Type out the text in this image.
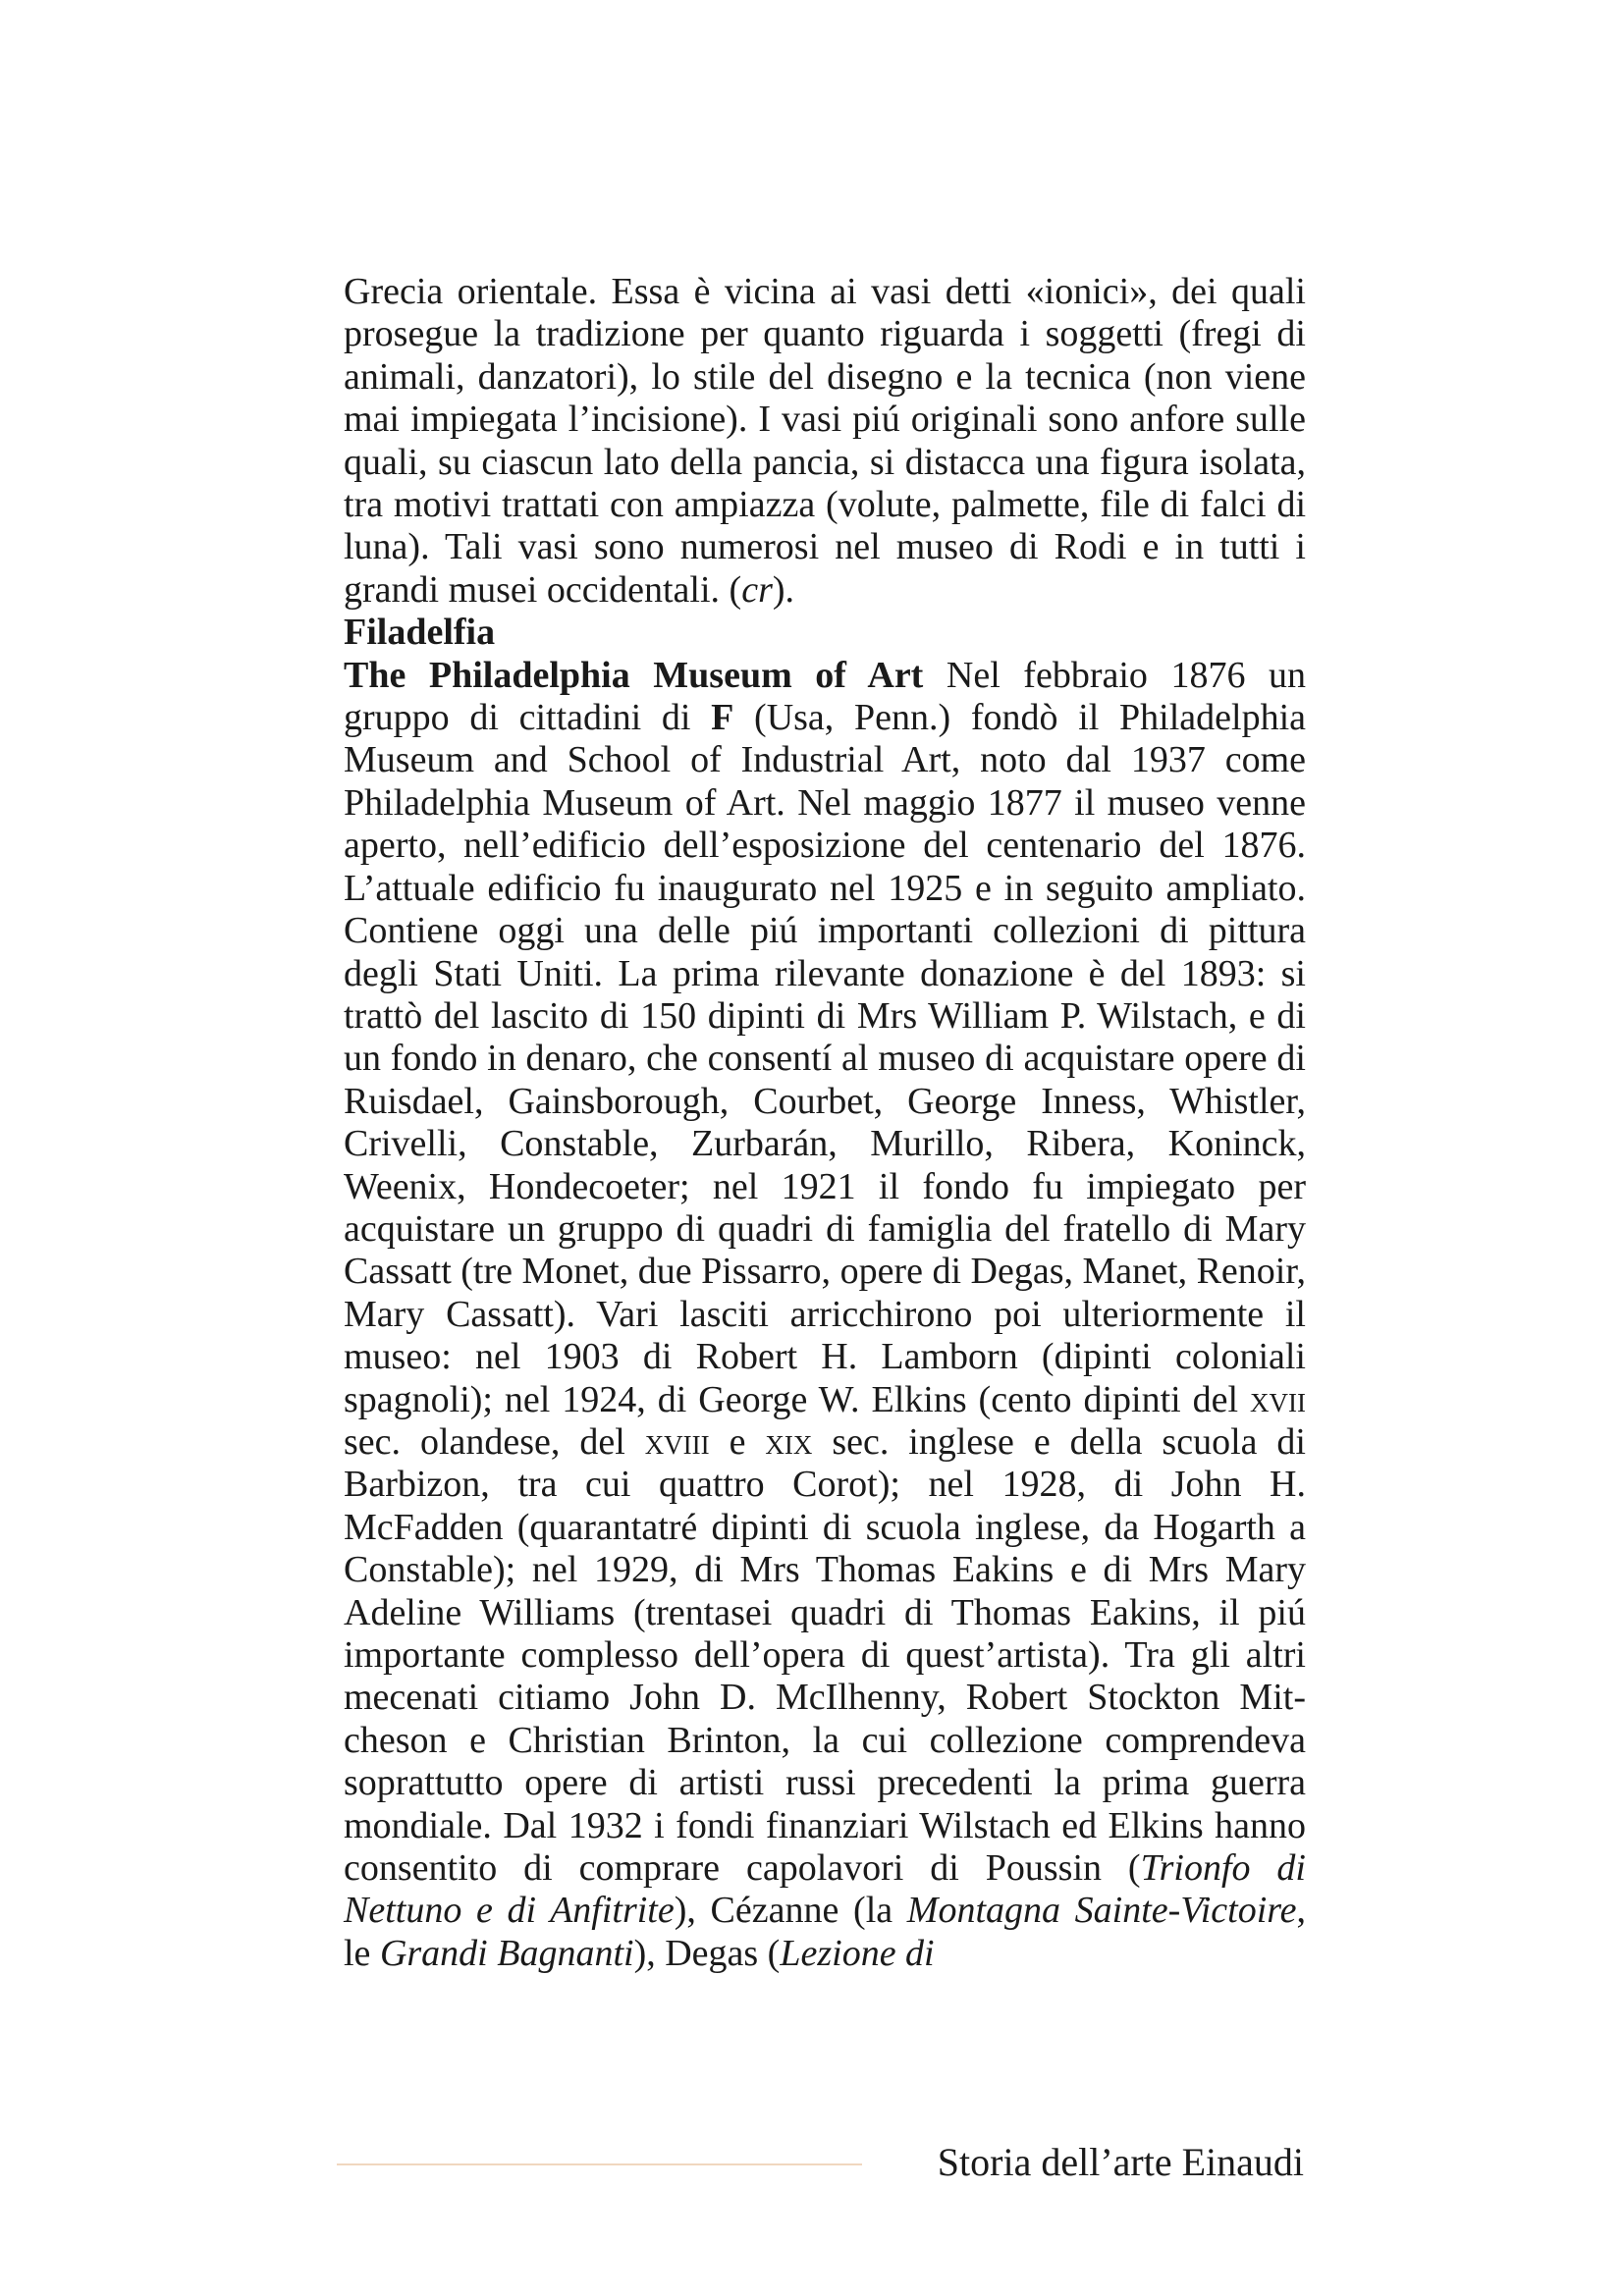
Grecia orientale. Essa è vicina ai vasi detti «ionici», dei quali prosegue la tradizione per quanto riguarda i soggetti (fregi di animali, danzatori), lo stile del disegno e la tecnica (non viene mai impiegata l’incisione). I vasi piú originali sono anfore sulle quali, su ciascun lato della pancia, si distacca una figura isolata, tra motivi trattati con ampiazza (volute, palmette, file di falci di luna). Tali vasi sono numerosi nel museo di Rodi e in tutti i grandi musei occidentali. (cr).

Filadelfia

The Philadelphia Museum of Art Nel febbraio 1876 un gruppo di cittadini di F (Usa, Penn.) fondò il Philadelphia Museum and School of Industrial Art, noto dal 1937 come Philadelphia Museum of Art. Nel maggio 1877 il museo venne aperto, nell’edificio dell’esposizione del centenario del 1876. L’attuale edificio fu inaugurato nel 1925 e in seguito ampliato. Contiene oggi una delle piú importanti collezioni di pittura degli Stati Uniti. La prima rilevante donazione è del 1893: si trattò del lascito di 150 dipinti di Mrs William P. Wilstach, e di un fondo in denaro, che consentí al museo di acquistare opere di Ruisdael, Gainsborough, Courbet, George Inness, Whistler, Crivelli, Constable, Zurbarán, Murillo, Ribera, Koninck, Weenix, Hondecoeter; nel 1921 il fondo fu impiegato per acquistare un gruppo di quadri di famiglia del fratello di Mary Cassatt (tre Monet, due Pissarro, opere di Degas, Manet, Renoir, Mary Cassatt). Vari lasciti arricchirono poi ulteriormente il museo: nel 1903 di Robert H. Lamborn (dipinti coloniali spagnoli); nel 1924, di George W. Elkins (cento dipinti del xvii sec. olandese, del xviii e xix sec. inglese e della scuola di Barbizon, tra cui quattro Corot); nel 1928, di John H. McFadden (quarantatré dipinti di scuola inglese, da Hogarth a Constable); nel 1929, di Mrs Thomas Eakins e di Mrs Mary Adeline Williams (trentasei quadri di Thomas Eakins, il piú importante complesso dell’opera di quest’artista). Tra gli altri mecenati citiamo John D. McIlhenny, Robert Stockton Mitcheson e Christian Brinton, la cui collezione comprendeva soprattutto opere di artisti russi precedenti la prima guerra mondiale. Dal 1932 i fondi finanziari Wilstach ed Elkins hanno consentito di comprare capolavori di Poussin (Trionfo di Nettuno e di Anfitrite), Cézanne (la Montagna Sainte-Victoire, le Grandi Bagnanti), Degas (Lezione di

Storia dell’arte Einaudi
